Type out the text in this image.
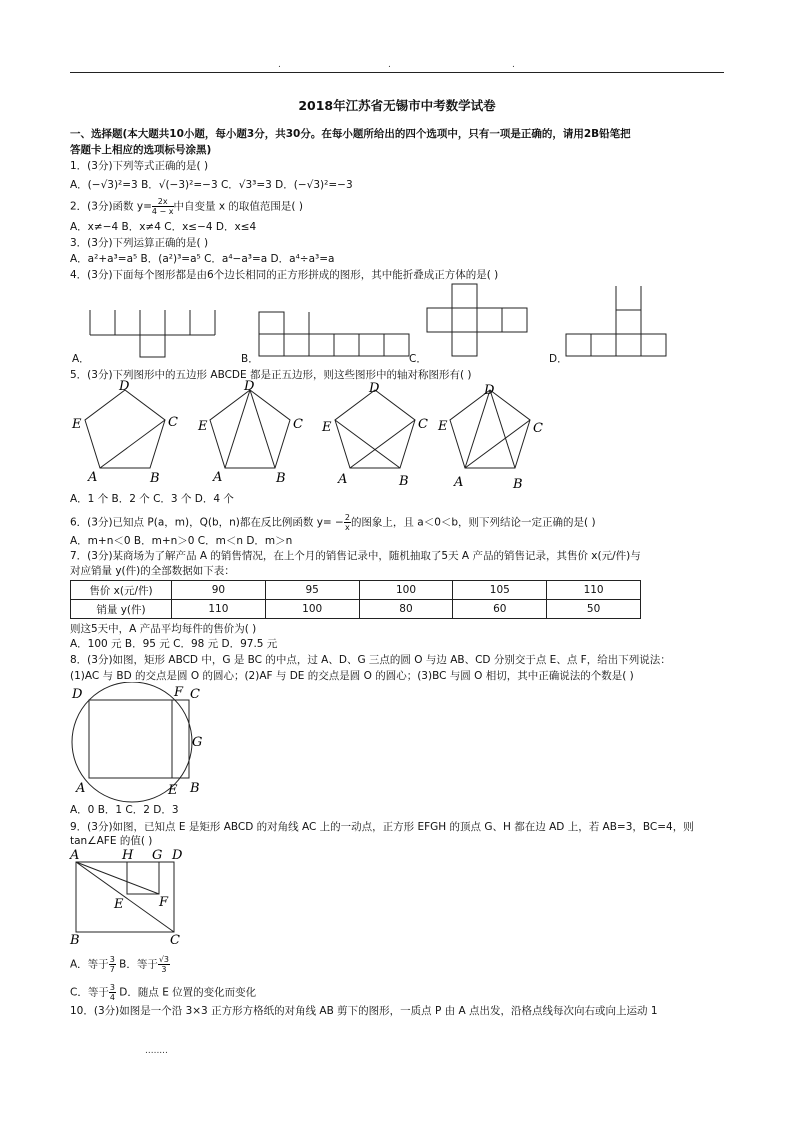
.	.	.
2018年江苏省无锡市中考数学试卷
一、选择题(本大题共10小题，每小题3分，共30分。在每小题所给出的四个选项中，只有一项是正确的，请用2B铅笔把
答题卡上相应的选项标号涂黑)
1．(3分)下列等式正确的是( )
A．(−√3)²=3 B．√(−3)²=−3 C．√3³=3 D．(−√3)²=−3
2．(3分)函数 $y= \frac{2x}{4 - x}$ 中自变量 x 的取值范围是( )
A．x≠−4 B．x≠4 C．x≤−4 D．x≤4
3．(3分)下列运算正确的是( )
A．a²+a³=a⁵ B．(a²)³=a⁵ C．a⁴−a³=a D．a⁴÷a³=a
4．(3分)下面每个图形都是由6个边长相同的正方形拼成的图形，其中能折叠成正方体的是( )
A．	B．	C．	D．
5．(3分)下列图形中的五边形 ABCDE 都是正五边形，则这些图形中的轴对称图形有( )
D
C
B
A
E
D
C
B
A
E
D
C
B
A
E
D
C
B
A
E
A．1 个 B．2 个 C．3 个 D．4 个
6．(3分)已知点 P(a，m)，Q(b，n)都在反比例函数 $y= - \frac{2}{x}$ 的图象上，且 a＜0＜b，则下列结论一定正确的是( )
A．m+n＜0 B．m+n＞0 C．m＜n D．m＞n
7．(3分)某商场为了解产品 A 的销售情况，在上个月的销售记录中，随机抽取了5天 A 产品的销售记录，其售价 x(元/件)与
对应销量 y(件)的全部数据如下表：
售价 x(元/件)	90	95	100	105	110
销量 y(件)	110	100	80	60	50
则这5天中，A 产品平均每件的售价为( )
A．100 元 B．95 元 C．98 元 D．97.5 元
8．(3分)如图，矩形 ABCD 中，G 是 BC 的中点，过 A、D、G 三点的圆 O 与边 AB、CD 分别交于点 E、点 F，给出下列说法：
(1)AC 与 BD 的交点是圆 O 的圆心；(2)AF 与 DE 的交点是圆 O 的圆心；(3)BC 与圆 O 相切，其中正确说法的个数是( )
D	F C
G
A	E B
A．0 B．1 C．2 D．3
9．(3分)如图，已知点 E 是矩形 ABCD 的对角线 AC 上的一动点，正方形 EFGH 的顶点 G、H 都在边 AD 上，若 AB=3，BC=4，则
tan∠AFE 的值( )
A	H G D
E	F
B	C
A．等于 $\frac{3}{7}$ B．等于 $\frac{√3}{3}$
C．等于 $\frac{3}{4}$ D．随点 E 位置的变化而变化
10．(3分)如图是一个沿 3×3 正方形方格纸的对角线 AB 剪下的图形，一质点 P 由 A 点出发，沿格点线每次向右或向上运动 1
........
